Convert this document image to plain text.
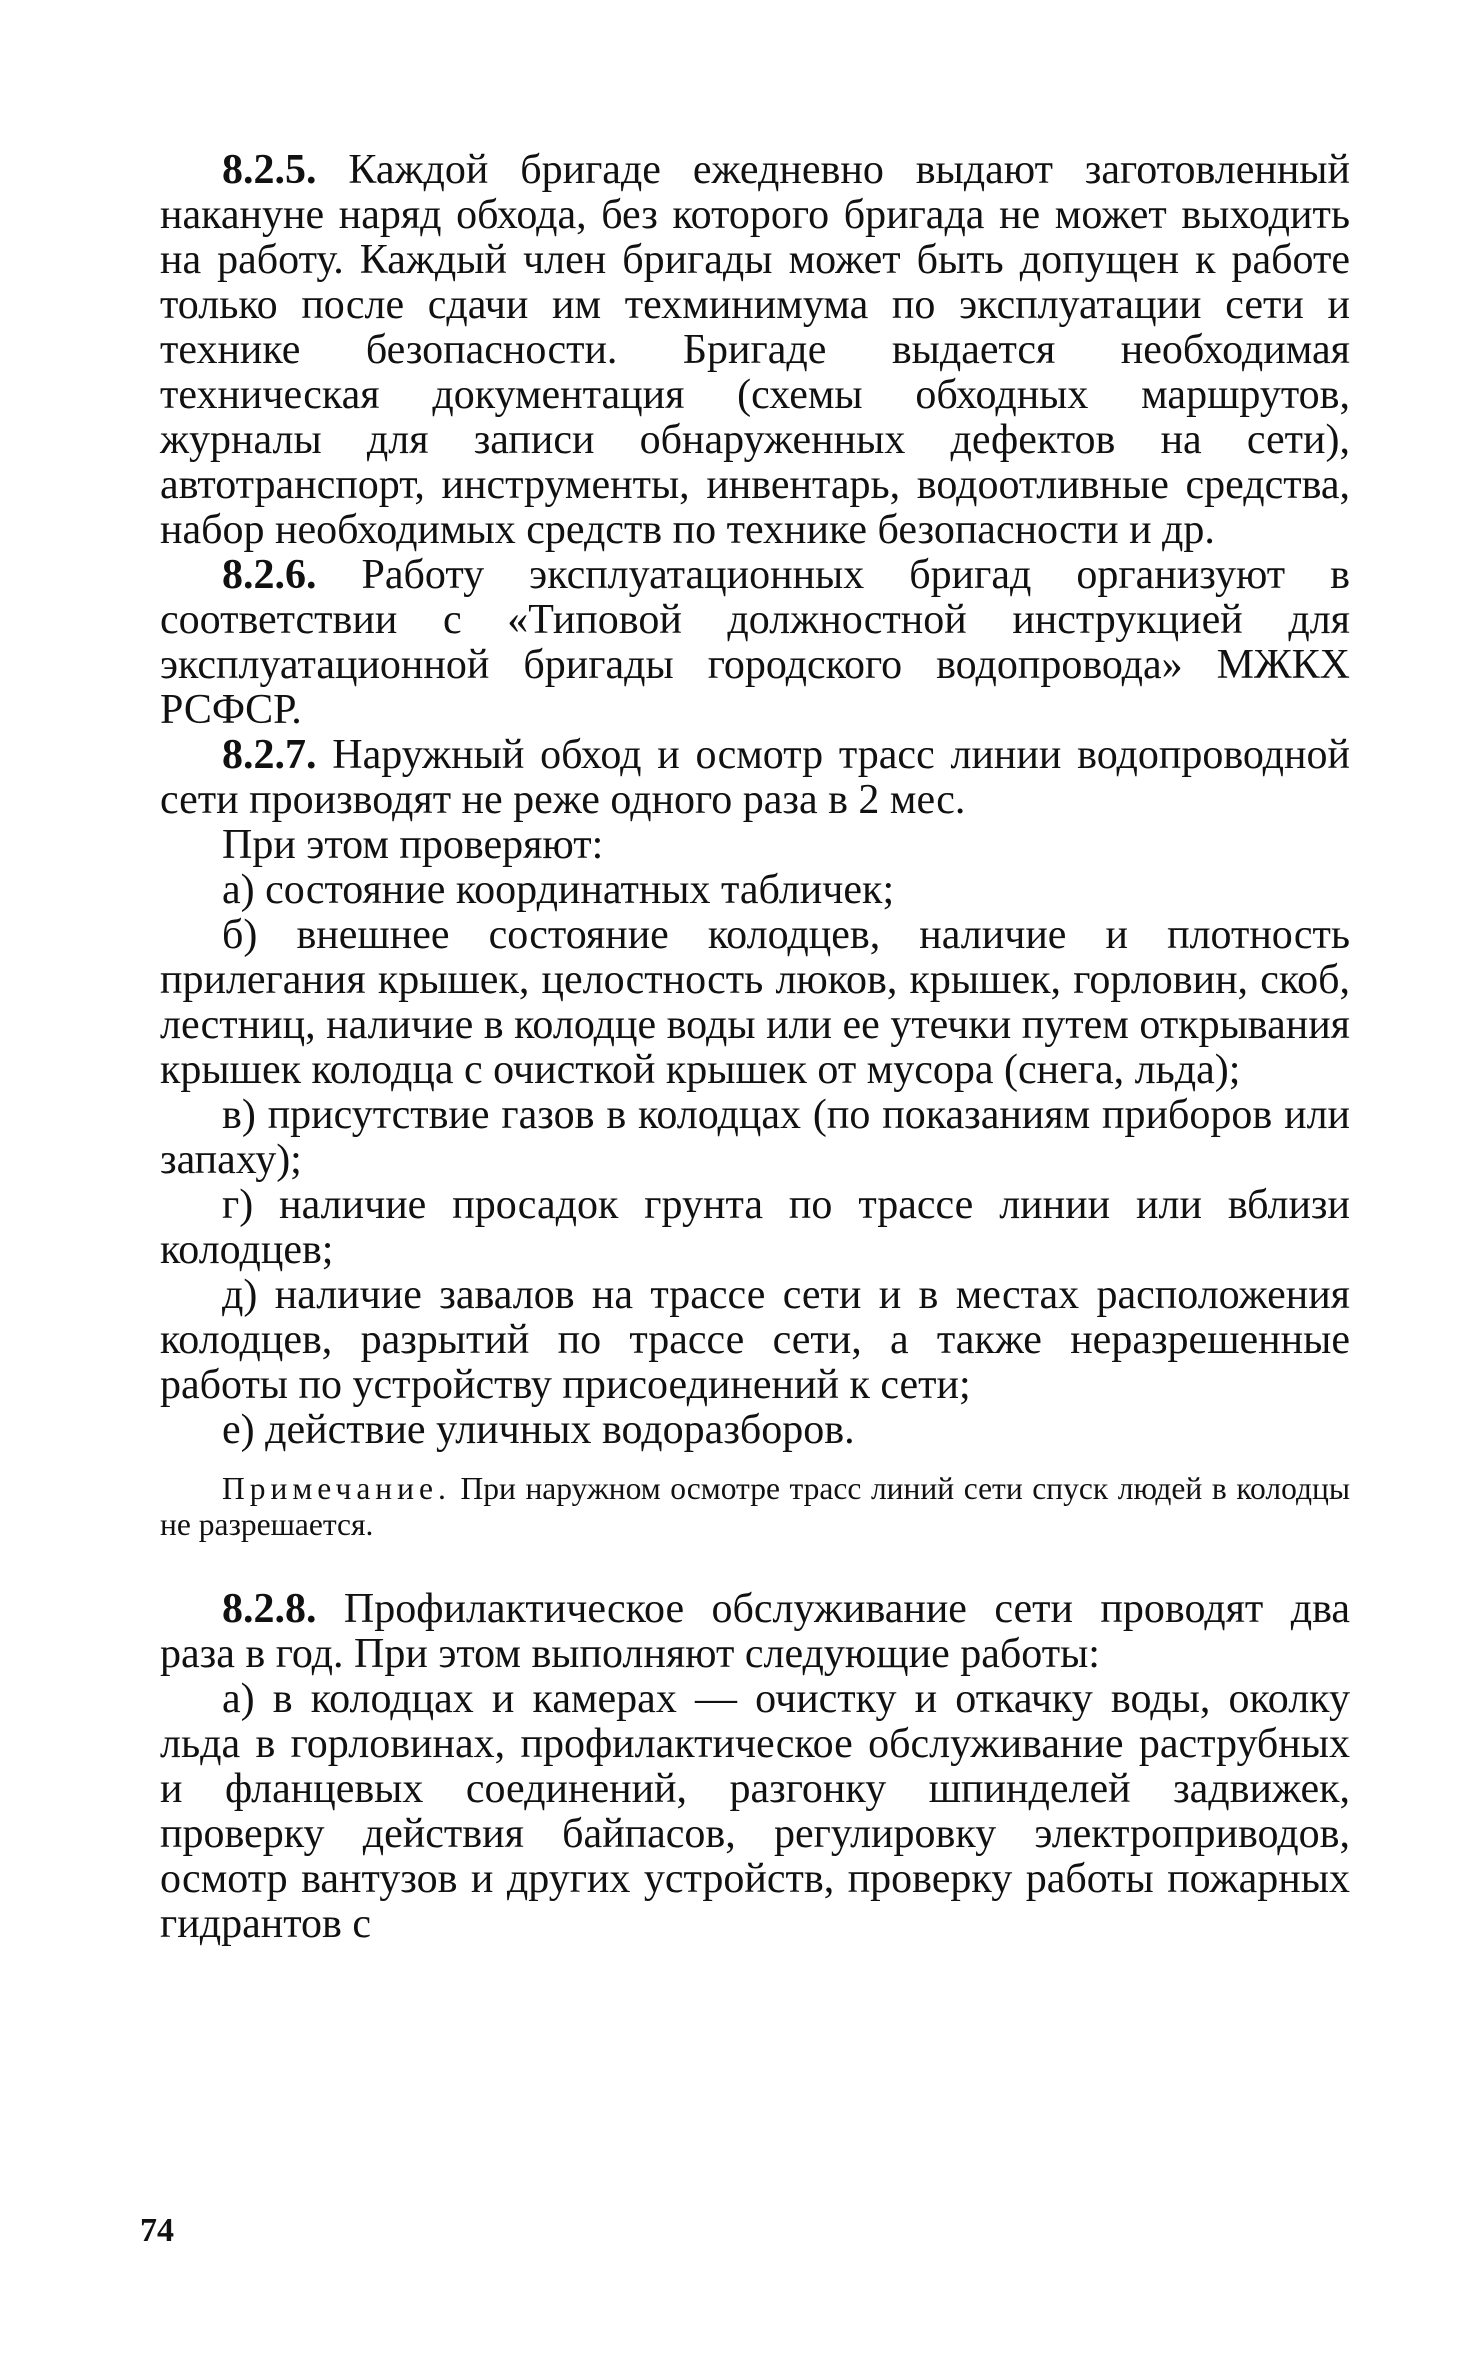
8.2.5. Каждой бригаде ежедневно выдают заготовленный накануне наряд обхода, без которого бригада не может выходить на работу. Каждый член бригады может быть допущен к работе только после сдачи им техминимума по эксплуатации сети и технике безопасности. Бригаде выдается необходимая техническая документация (схемы обходных маршрутов, журналы для записи обнаруженных дефектов на сети), автотранспорт, инструменты, инвентарь, водоотливные средства, набор необходимых средств по технике безопасности и др.

8.2.6. Работу эксплуатационных бригад организуют в соответствии с «Типовой должностной инструкцией для эксплуатационной бригады городского водопровода» МЖКХ РСФСР.

8.2.7. Наружный обход и осмотр трасс линии водопроводной сети производят не реже одного раза в 2 мес.

При этом проверяют:

а) состояние координатных табличек;

б) внешнее состояние колодцев, наличие и плотность прилегания крышек, целостность люков, крышек, горловин, скоб, лестниц, наличие в колодце воды или ее утечки путем открывания крышек колодца с очисткой крышек от мусора (снега, льда);

в) присутствие газов в колодцах (по показаниям приборов или запаху);

г) наличие просадок грунта по трассе линии или вблизи колодцев;

д) наличие завалов на трассе сети и в местах расположения колодцев, разрытий по трассе сети, а также неразрешенные работы по устройству присоединений к сети;

е) действие уличных водоразборов.

Примечание. При наружном осмотре трасс линий сети спуск людей в колодцы не разрешается.

8.2.8. Профилактическое обслуживание сети проводят два раза в год. При этом выполняют следующие работы:

а) в колодцах и камерах — очистку и откачку воды, околку льда в горловинах, профилактическое обслуживание раструбных и фланцевых соединений, разгонку шпинделей задвижек, проверку действия байпасов, регулировку электроприводов, осмотр вантузов и других устройств, проверку работы пожарных гидрантов с

74
